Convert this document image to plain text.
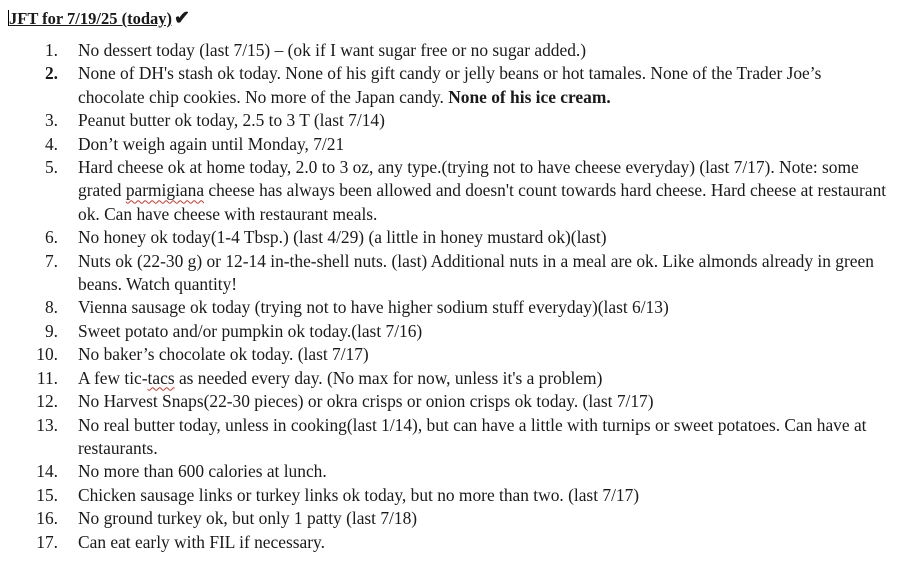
JFT for 7/19/25 (today) ✔
1.	No dessert today (last 7/15) – (ok if I want sugar free or no sugar added.)
2.	None of DH's stash ok today. None of his gift candy or jelly beans or hot tamales. None of the Trader Joe’s chocolate chip cookies. No more of the Japan candy. None of his ice cream.
3.	Peanut butter ok today, 2.5 to 3 T (last 7/14)
4.	Don’t weigh again until Monday, 7/21
5.	Hard cheese ok at home today, 2.0 to 3 oz, any type.(trying not to have cheese everyday) (last 7/17). Note: some grated parmigiana cheese has always been allowed and doesn't count towards hard cheese. Hard cheese at restaurant ok. Can have cheese with restaurant meals.
6.	No honey ok today(1-4 Tbsp.) (last 4/29) (a little in honey mustard ok)(last)
7.	Nuts ok (22-30 g) or 12-14 in-the-shell nuts. (last) Additional nuts in a meal are ok. Like almonds already in green beans. Watch quantity!
8.	Vienna sausage ok today (trying not to have higher sodium stuff everyday)(last 6/13)
9.	Sweet potato and/or pumpkin ok today.(last 7/16)
10.	No baker’s chocolate ok today. (last 7/17)
11.	A few tic-tacs as needed every day. (No max for now, unless it's a problem)
12.	No Harvest Snaps(22-30 pieces) or okra crisps or onion crisps ok today. (last 7/17)
13.	No real butter today, unless in cooking(last 1/14), but can have a little with turnips or sweet potatoes. Can have at restaurants.
14.	No more than 600 calories at lunch.
15.	Chicken sausage links or turkey links ok today, but no more than two. (last 7/17)
16.	No ground turkey ok, but only 1 patty (last 7/18)
17.	Can eat early with FIL if necessary.
